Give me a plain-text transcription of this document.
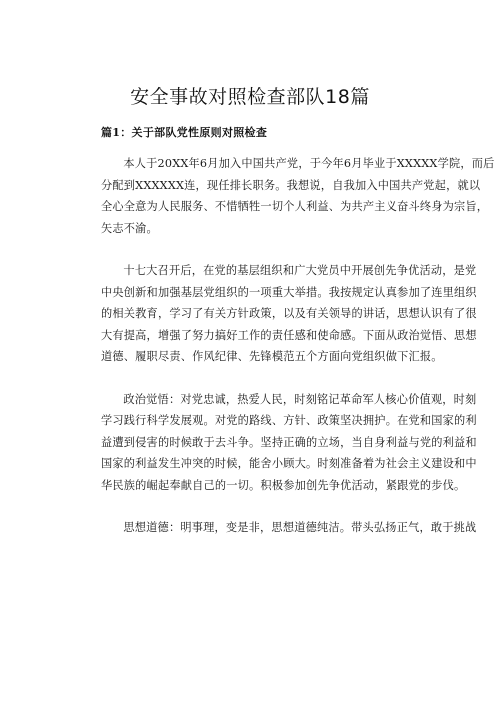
安全事故对照检查部队18篇
篇1：关于部队党性原则对照检查

本人于20XX年6月加入中国共产党，于今年6月毕业于XXXXX学院，而后
分配到XXXXXX连，现任排长职务。我想说，自我加入中国共产党起，就以
全心全意为人民服务、不惜牺牲一切个人利益、为共产主义奋斗终身为宗旨，
矢志不渝。

十七大召开后，在党的基层组织和广大党员中开展创先争优活动，是党
中央创新和加强基层党组织的一项重大举措。我按规定认真参加了连里组织
的相关教育，学习了有关方针政策，以及有关领导的讲话，思想认识有了很
大有提高，增强了努力搞好工作的责任感和使命感。下面从政治觉悟、思想
道德、履职尽责、作风纪律、先锋模范五个方面向党组织做下汇报。

政治觉悟：对党忠诚，热爱人民，时刻铭记革命军人核心价值观，时刻
学习践行科学发展观。对党的路线、方针、政策坚决拥护。在党和国家的利
益遭到侵害的时候敢于去斗争。坚持正确的立场，当自身利益与党的利益和
国家的利益发生冲突的时候，能舍小顾大。时刻准备着为社会主义建设和中
华民族的崛起奉献自己的一切。积极参加创先争优活动，紧跟党的步伐。

思想道德：明事理，变是非，思想道德纯洁。带头弘扬正气，敢于挑战
